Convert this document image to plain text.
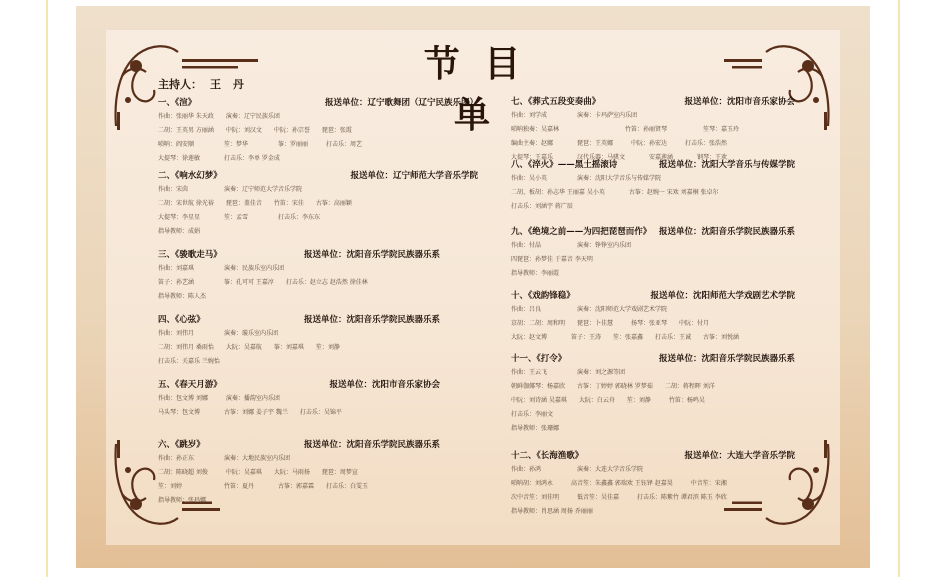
节 目 单
主持人： 王 丹
一、《渲》	报送单位：辽宁歌舞团（辽宁民族乐团）
作曲：张丽华 朱天政　　演奏：辽宁民族乐团
二胡：王英男 方丽涵　　中阮：刘汉文　　中阮：孙宗誉　　琵琶：张霞
唢呐：阎安顺　　　　　笙：梦华　　　　　筝：罗丽丽　　　打击乐：周艺
大提琴：徐莲敏　　　　打击乐：李单 罗金成
二、《响水幻梦》	报送单位：辽宁师范大学音乐学院
作曲：宋茵　　　　　　演奏：辽宁师范大学音乐学院
二胡：宋世航 徐光裕　　琵琶：盖佳音　　竹笛：宋佳　　古筝：高丽颖
大提琴：李星星　　　　笙：孟雪　　　　　打击乐：李东东
指导教师：成娟
三、《骏歌走马》	报送单位：沈阳音乐学院民族器乐系
作曲：刘嘉琪　　　　　演奏：民族乐室内乐团
笛子：孙艺涵　　　　　筝：孔可可 王嘉淳　　打击乐：赵立志 赵浩然 徐佳林
指导教师：陈人杰
四、《心弦》	报送单位：沈阳音乐学院民族器乐系
作曲：刘伟月　　　　　演奏：璇乐室内乐团
二胡：刘伟月 桑雨怡　　大阮：吴嘉航　　筝：刘嘉琪　　笙：刘静
打击乐：关嘉乐 兰婉怡
五、《春天月游》	报送单位：沈阳市音乐家协会
作曲：包文博 刘娜　　　演奏：播韵室内乐团
马头琴：包文博　　　　古筝：刘娜 姜子宇 魏兰　　打击乐：吴锦平
六、《跳岁》	报送单位：沈阳音乐学院民族器乐系
作曲：孙正东　　　　　演奏：大地民族室内乐团
二胡：陈晓超 刘俊　　　中阮：吴嘉琪　　大阮：马雨扬　　琵琶：周梦宣
笙：刘婷　　　　　　　竹笛：夏丹　　　　古筝：郭嘉霖　　打击乐：白雯玉
指导教师：张玛娜
七、《葬式五段变奏曲》	报送单位：沈阳市音乐家协会
作曲：刘学成　　　　　演奏：卡玛萨室内乐团
唢呐独奏：吴嘉林　　　　　　　　　　　竹笛：孙丽贤琴　　　　　　笙琴：嘉玉玲
编曲主奏：赵娜　　　　琵琶：王英娜　　　中阮：孙宏达　　　打击乐：张浩然
大提琴：王嘉乐　　　　汉代乐器：马骐文　　　　安嘉莲涵　　　　钢琴：王欢
八、《淬火》——黑土摇滚诗	报送单位：沈阳大学音乐与传媒学院
作曲：吴小英　　　　　演奏：沈阳大学音乐与传媒学院
二胡、板胡：孙志华 王丽嘉 吴小英　　　　古筝：赵婉一 宋欢 刘嘉桐 张卓尔
打击乐：刘涵宇 蒋广辰
九、《绝境之前——为四把琵琶而作》 报送单位：沈阳音乐学院民族器乐系
作曲：付晶　　　　　　演奏：铮铮室内乐团
四琵琶：孙梦佳 于嘉音 李天明
指导教师：李丽霞
十、《戏韵锋稳》	报送单位：沈阳师范大学戏剧艺术学院
作曲：吕良　　　　　　演奏：沈阳师范大学戏剧艺术学院
京胡：二胡：周和明　　琵琶：卜佳慧　　　扬琴：张亚琴　　中阮：付月
大阮：赵文博　　　　笛子：王涛　　笙：张嘉鑫　　打击乐：王诚　　古筝：刘悦涵
十一、《打令》	报送单位：沈阳音乐学院民族器乐系
作曲：王云飞　　　　　演奏：刘之源等团
朝鲜伽倻琴：杨嘉欣　　古筝：丁婷婷 郭晓林 罗梦茹　　二胡：蒋程晖 刘洋
中阮：刘诗涵 吴嘉琪　　大阮：白云舟　　笙：刘静　　　竹笛：杨鸣吴
打击乐：李丽文
指导教师：张珊娜
十二、《长海渔歌》	报送单位：大连大学音乐学院
作曲：孙鸿　　　　　　演奏：大连大学音乐学院
唢呐胡：刘鸿永　　　高音笙：朱鑫鑫 郭瑞欢 王钰铎 赵嘉昊　　　中音笙：宋湘
次中音笙：刘佳明　　　低音笙：吴佳嘉　　　打击乐：陈紫竹 谭君滨 陈玉 李欣
指导教师：肖思涵 周扬 乔丽丽
